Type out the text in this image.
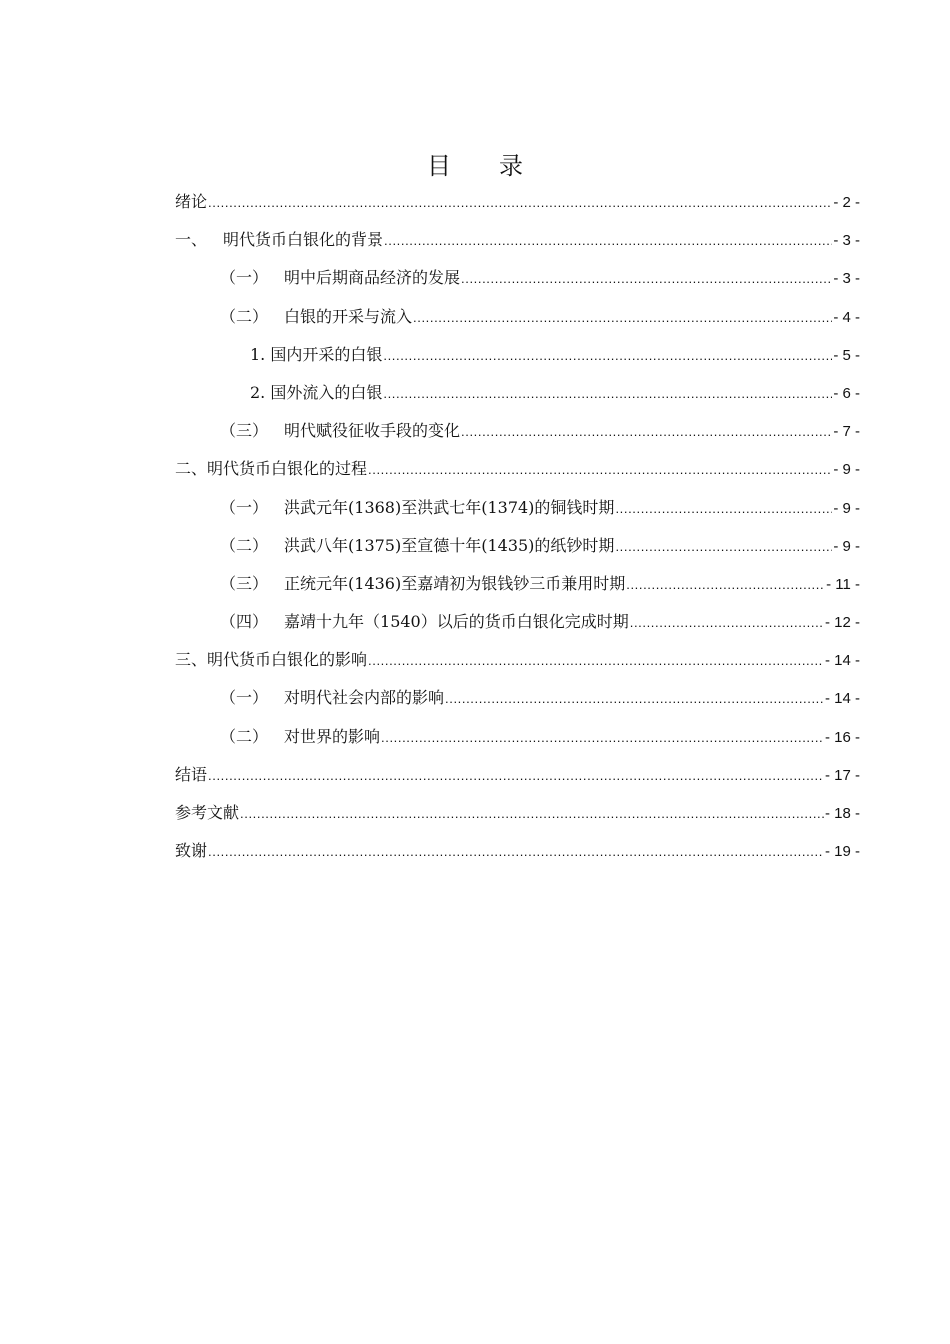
目 录
绪论 .....	- 2 -
一、 明代货币白银化的背景 .....	- 3 -
（一） 明中后期商品经济的发展 .....	- 3 -
（二） 白银的开采与流入 .....	- 4 -
1. 国内开采的白银 .....	- 5 -
2. 国外流入的白银 .....	- 6 -
（三） 明代赋役征收手段的变化 .....	- 7 -
二、明代货币白银化的过程 .....	- 9 -
（一） 洪武元年(1368)至洪武七年(1374)的铜钱时期 .....	- 9 -
（二） 洪武八年(1375)至宣德十年(1435)的纸钞时期 .....	- 9 -
（三） 正统元年(1436)至嘉靖初为银钱钞三币兼用时期 .....	- 11 -
（四） 嘉靖十九年（1540）以后的货币白银化完成时期 .....	- 12 -
三、明代货币白银化的影响 .....	- 14 -
（一） 对明代社会内部的影响 .....	- 14 -
（二） 对世界的影响 .....	- 16 -
结语 .....	- 17 -
参考文献 .....	- 18 -
致谢 .....	- 19 -
